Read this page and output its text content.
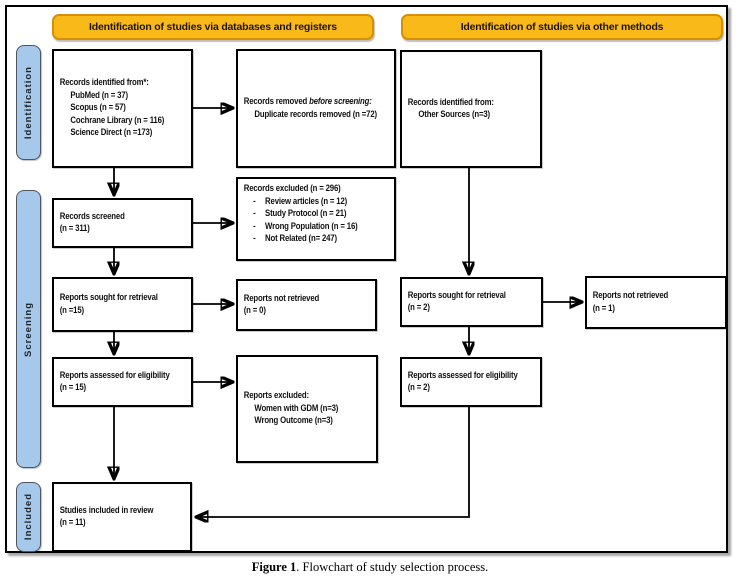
Identification of studies via databases and registers	Identification of studies via other methods
Identification
Screening
Included
Records identified from*:
PubMed (n = 37)
Scopus (n = 57)
Cochrane Library (n = 116)
Science Direct (n =173)
Records removed before screening:
Duplicate records removed (n =72)
Records screened
(n = 311)
Records excluded (n = 296)
- Review articles (n = 12)
- Study Protocol (n = 21)
- Wrong Population (n = 16)
- Not Related (n= 247)
Reports sought for retrieval
(n =15)
Reports not retrieved
(n = 0)
Reports assessed for eligibility
(n = 15)
Reports excluded:
Women with GDM (n=3)
Wrong Outcome (n=3)
Studies included in review
(n = 11)
Records identified from:
Other Sources (n=3)
Reports sought for retrieval
(n = 2)
Reports not retrieved
(n = 1)
Reports assessed for eligibility
(n = 2)
Figure 1. Flowchart of study selection process.
